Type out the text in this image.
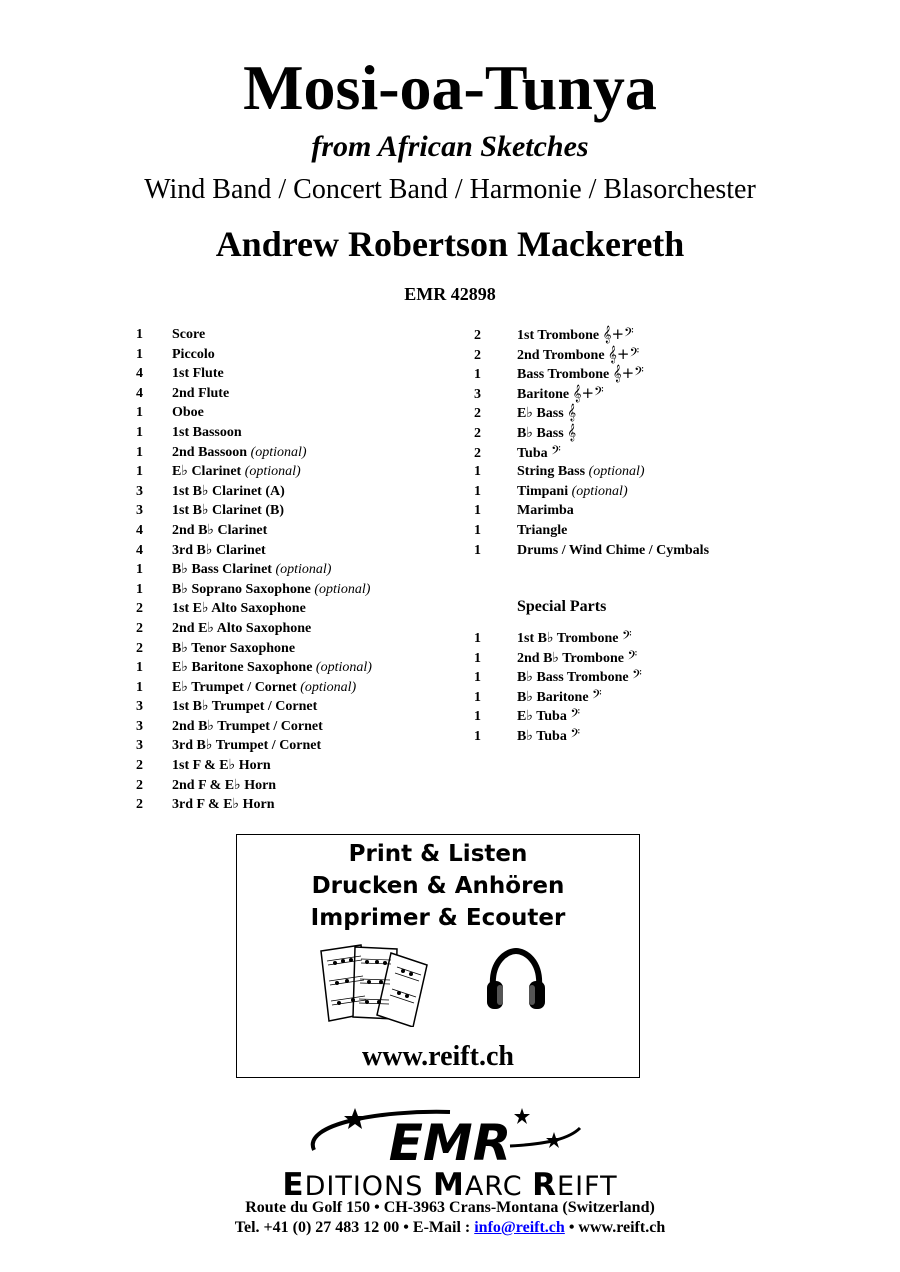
Mosi-oa-Tunya
from African Sketches
Wind Band / Concert Band / Harmonie / Blasorchester
Andrew Robertson Mackereth
EMR 42898
1 Score
1 Piccolo
4 1st Flute
4 2nd Flute
1 Oboe
1 1st Bassoon
1 2nd Bassoon (optional)
1 E♭ Clarinet (optional)
3 1st B♭ Clarinet (A)
3 1st B♭ Clarinet (B)
4 2nd B♭ Clarinet
4 3rd B♭ Clarinet
1 B♭ Bass Clarinet (optional)
1 B♭ Soprano Saxophone (optional)
2 1st E♭ Alto Saxophone
2 2nd E♭ Alto Saxophone
2 B♭ Tenor Saxophone
1 E♭ Baritone Saxophone (optional)
1 E♭ Trumpet / Cornet (optional)
3 1st B♭ Trumpet / Cornet
3 2nd B♭ Trumpet / Cornet
3 3rd B♭ Trumpet / Cornet
2 1st F & E♭ Horn
2 2nd F & E♭ Horn
2 3rd F & E♭ Horn
2	1st Trombone 𝄞+𝄢
2	2nd Trombone 𝄞+𝄢
1	Bass Trombone 𝄞+𝄢
3	Baritone 𝄞+𝄢
2	E♭ Bass 𝄞
2	B♭ Bass 𝄞
2	Tuba 𝄢
1	String Bass (optional)
1	Timpani (optional)
1	Marimba
1	Triangle
1	Drums / Wind Chime / Cymbals
Special Parts
1	1st B♭ Trombone 𝄢
1	2nd B♭ Trombone 𝄢
1	B♭ Bass Trombone 𝄢
1	B♭ Baritone 𝄢
1	E♭ Tuba 𝄢
1	B♭ Tuba 𝄢
Print & Listen
Drucken & Anhören
Imprimer & Ecouter
www.reift.ch
EMR
EDITIONS MARC REIFT
Route du Golf 150 • CH-3963 Crans-Montana (Switzerland)
Tel. +41 (0) 27 483 12 00 • E-Mail : info@reift.ch • www.reift.ch
